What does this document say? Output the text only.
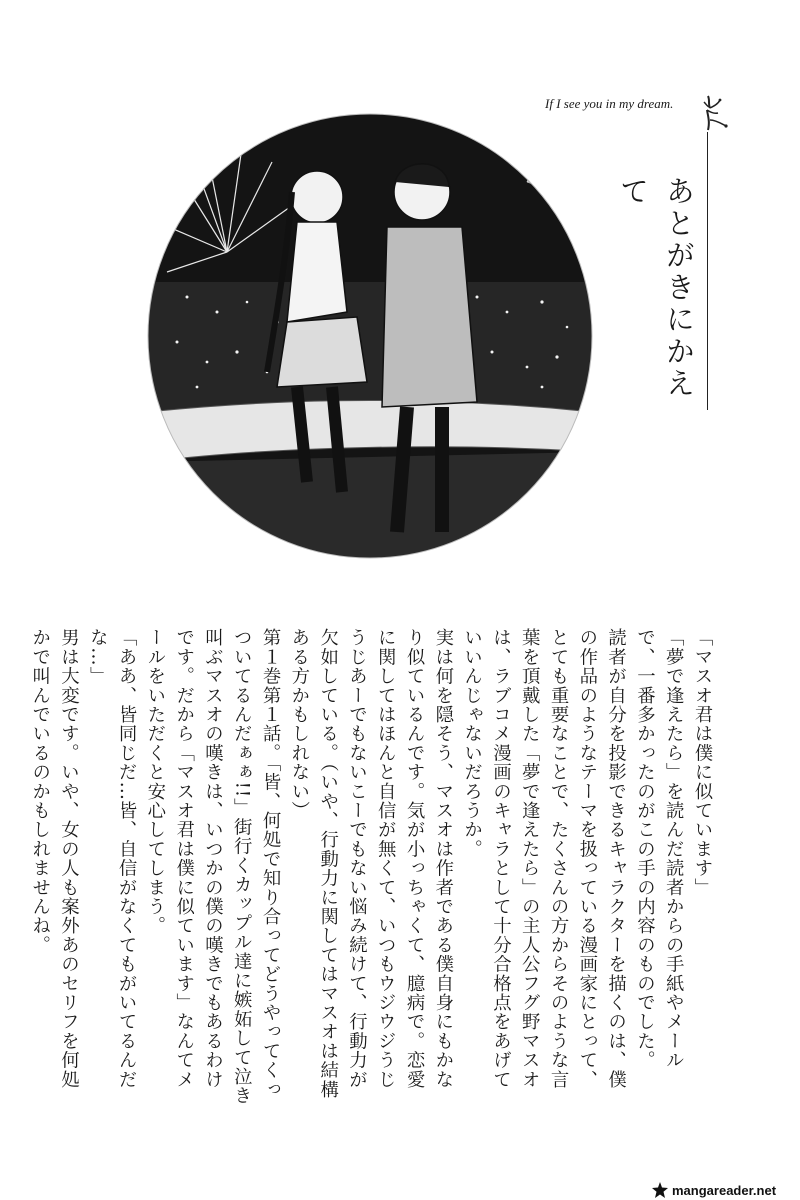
If I see you in my dream.
あとがきにかえて

「マスオ君は僕に似ています」

「夢で逢えたら」を読んだ読者からの手紙やメールで、一番多かったのがこの手の内容のものでした。

読者が自分を投影できるキャラクターを描くのは、僕の作品のようなテーマを扱っている漫画家にとって、とても重要なことで、たくさんの方からそのような言葉を頂戴した「夢で逢えたら」の主人公フグ野マスオは、ラブコメ漫画のキャラとして十分合格点をあげていいんじゃないだろうか。

実は何を隠そう、マスオは作者である僕自身にもかなり似ているんです。気が小っちゃくて、臆病で。恋愛に関してはほんと自信が無くて、いつもウジウジうじうじあーでもないこーでもない悩み続けて、行動力が欠如している。（いや、行動力に関してはマスオは結構ある方かもしれない）

第１巻第１話。「皆、何処で知り合ってどうやってくっついてるんだぁぁ!!」街行くカップル達に嫉妬して泣き叫ぶマスオの嘆きは、いつかの僕の嘆きでもあるわけです。だから「マスオ君は僕に似ています」なんてメールをいただくと安心してしまう。

「ああ、皆同じだ…皆、自信がなくてもがいてるんだな…」

男は大変です。いや、女の人も案外あのセリフを何処かで叫んでいるのかもしれませんね。

mangareader.net
